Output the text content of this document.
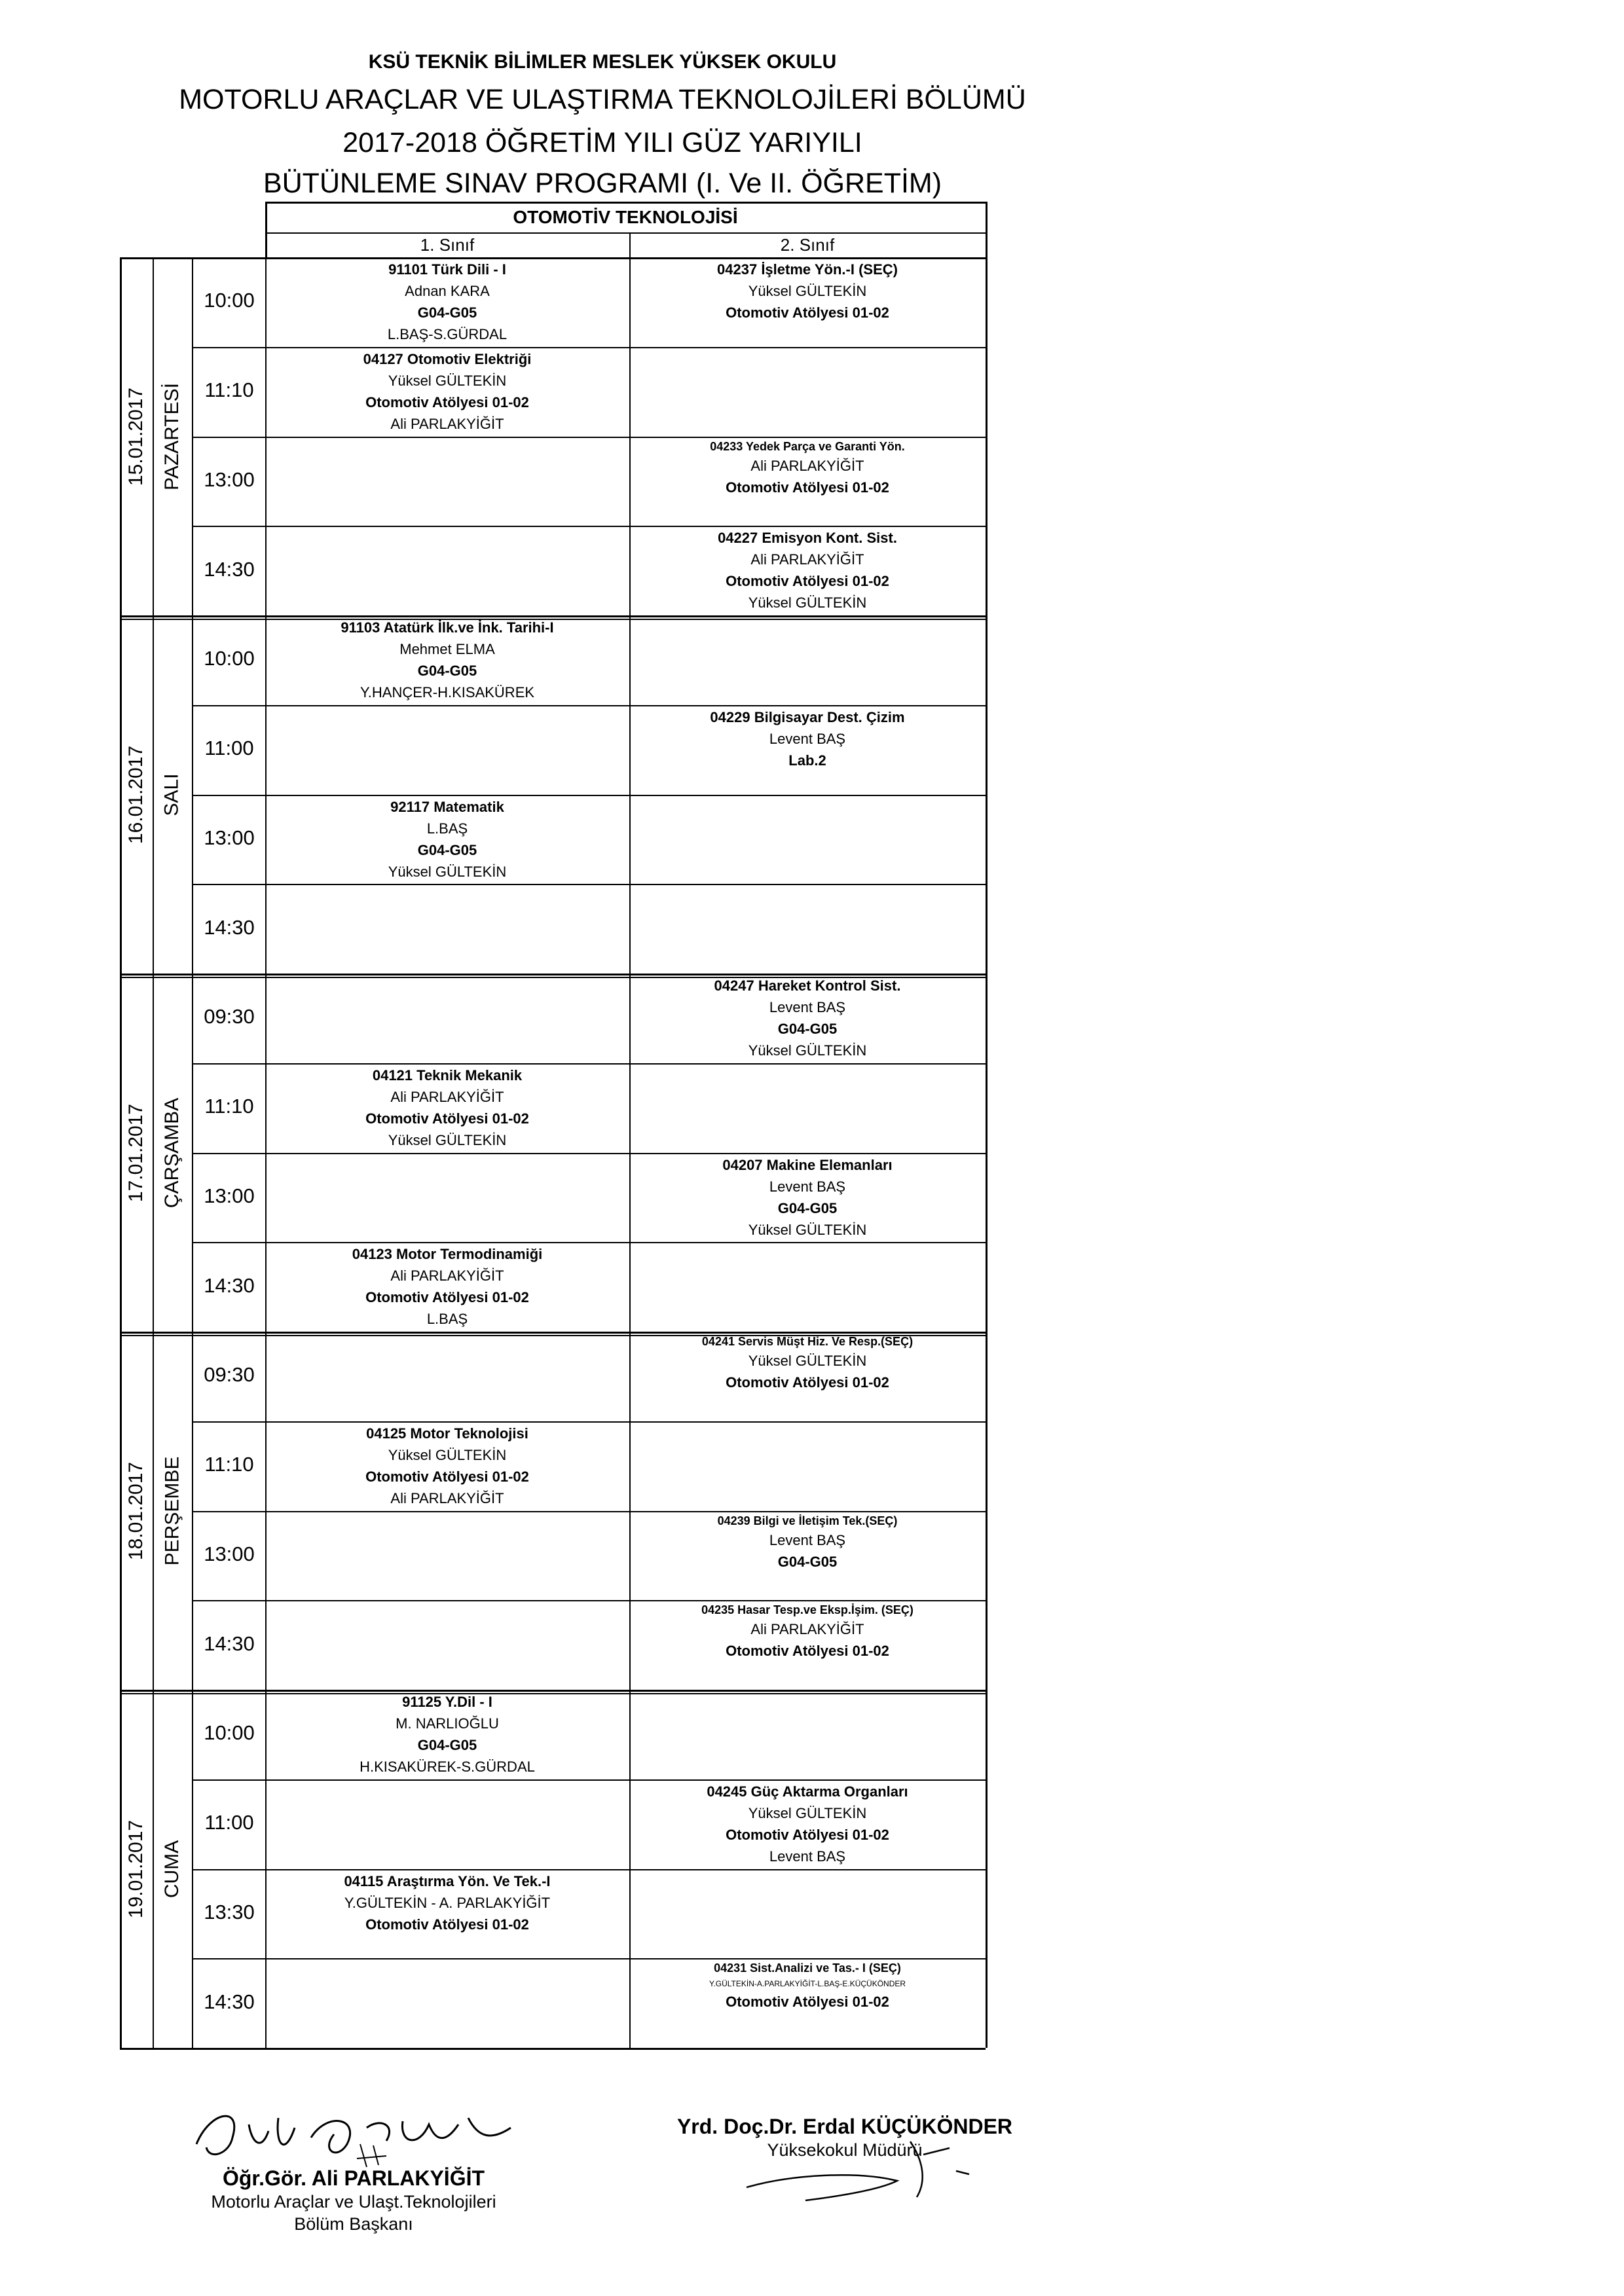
KSÜ TEKNİK BİLİMLER MESLEK YÜKSEK OKULU
MOTORLU ARAÇLAR VE ULAŞTIRMA TEKNOLOJİLERİ BÖLÜMÜ
2017-2018 ÖĞRETİM YILI GÜZ YARIYILI
BÜTÜNLEME SINAV PROGRAMI (I. Ve II. ÖĞRETİM)
OTOMOTİV TEKNOLOJİSİ
1. Sınıf	2. Sınıf
15.01.2017 PAZARTESİ
10:00
91101 Türk Dili - I
Adnan KARA
G04-G05
L.BAŞ-S.GÜRDAL
04237 İşletme Yön.-I (SEÇ)
Yüksel GÜLTEKİN
Otomotiv Atölyesi 01-02
11:10
04127 Otomotiv Elektriği
Yüksel GÜLTEKİN
Otomotiv Atölyesi 01-02
Ali PARLAKYİĞİT
13:00
04233 Yedek Parça ve Garanti Yön.
Ali PARLAKYİĞİT
Otomotiv Atölyesi 01-02
14:30
04227 Emisyon Kont. Sist.
Ali PARLAKYİĞİT
Otomotiv Atölyesi 01-02
Yüksel GÜLTEKİN
16.01.2017 SALI
10:00
91103 Atatürk İlk.ve İnk. Tarihi-I
Mehmet ELMA
G04-G05
Y.HANÇER-H.KISAKÜREK
11:00
04229 Bilgisayar Dest. Çizim
Levent BAŞ
Lab.2
13:00
92117 Matematik
L.BAŞ
G04-G05
Yüksel GÜLTEKİN
14:30
17.01.2017 ÇARŞAMBA
09:30
04247 Hareket Kontrol Sist.
Levent BAŞ
G04-G05
Yüksel GÜLTEKİN
11:10
04121 Teknik Mekanik
Ali PARLAKYİĞİT
Otomotiv Atölyesi 01-02
Yüksel GÜLTEKİN
13:00
04207 Makine Elemanları
Levent BAŞ
G04-G05
Yüksel GÜLTEKİN
14:30
04123 Motor Termodinamiği
Ali PARLAKYİĞİT
Otomotiv Atölyesi 01-02
L.BAŞ
18.01.2017 PERŞEMBE
09:30
04241 Servis Müşt Hiz. Ve Resp.(SEÇ)
Yüksel GÜLTEKİN
Otomotiv Atölyesi 01-02
11:10
04125 Motor Teknolojisi
Yüksel GÜLTEKİN
Otomotiv Atölyesi 01-02
Ali PARLAKYİĞİT
13:00
04239 Bilgi ve İletişim Tek.(SEÇ)
Levent BAŞ
G04-G05
14:30
04235 Hasar Tesp.ve Eksp.İşim. (SEÇ)
Ali PARLAKYİĞİT
Otomotiv Atölyesi 01-02
19.01.2017 CUMA
10:00
91125 Y.Dil - I
M. NARLIOĞLU
G04-G05
H.KISAKÜREK-S.GÜRDAL
11:00
04245 Güç Aktarma Organları
Yüksel GÜLTEKİN
Otomotiv Atölyesi 01-02
Levent BAŞ
13:30
04115 Araştırma Yön. Ve Tek.-I
Y.GÜLTEKİN - A. PARLAKYİĞİT
Otomotiv Atölyesi 01-02
14:30
04231 Sist.Analizi ve Tas.- I (SEÇ)
Y.GÜLTEKİN-A.PARLAKYİĞİT-L.BAŞ-E.KÜÇÜKÖNDER
Otomotiv Atölyesi 01-02
Öğr.Gör. Ali PARLAKYİĞİT
Motorlu Araçlar ve Ulaşt.Teknolojileri
Bölüm Başkanı
Yrd. Doç.Dr. Erdal KÜÇÜKÖNDER
Yüksekokul Müdürü
